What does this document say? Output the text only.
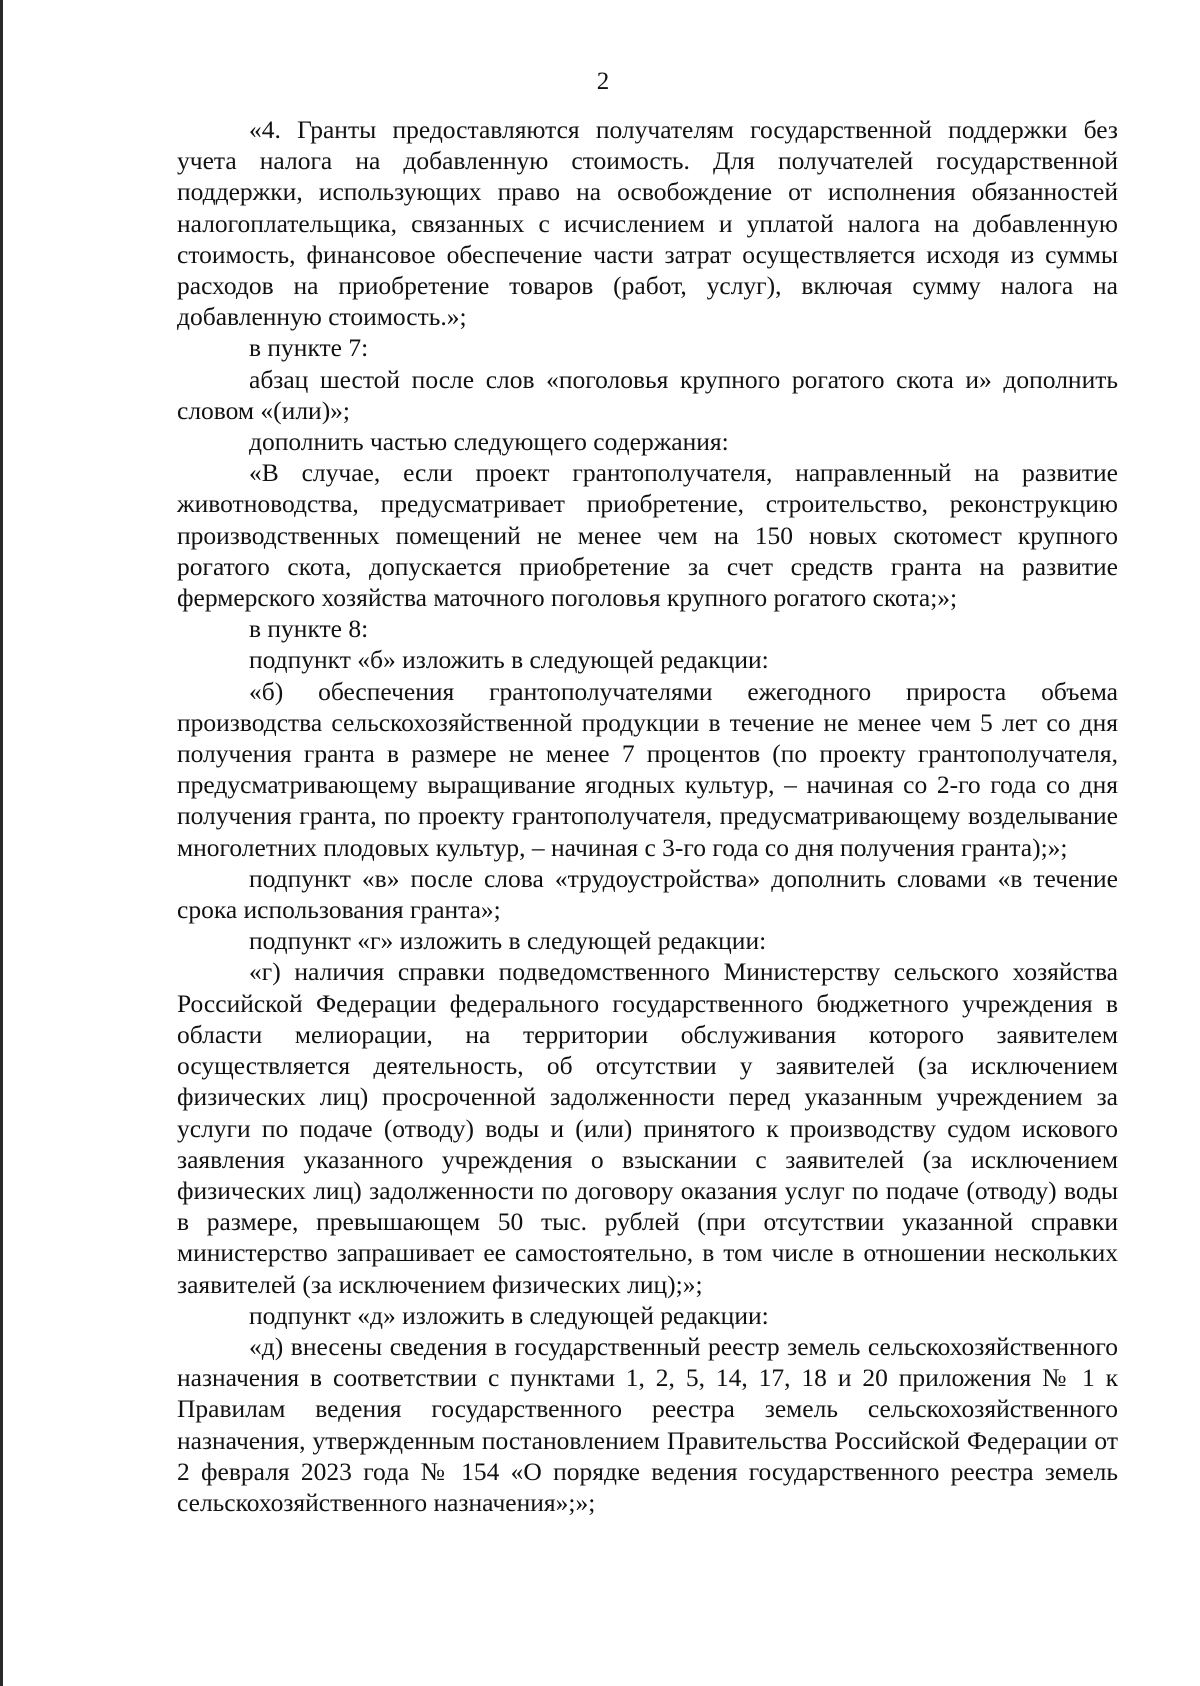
2

«4. Гранты предоставляются получателям государственной поддержки без учета налога на добавленную стоимость. Для получателей государственной поддержки, использующих право на освобождение от исполнения обязанностей налогоплательщика, связанных с исчислением и уплатой налога на добавленную стоимость, финансовое обеспечение части затрат осуществляется исходя из суммы расходов на приобретение товаров (работ, услуг), включая сумму налога на добавленную стоимость.»;

в пункте 7:

абзац шестой после слов «поголовья крупного рогатого скота и» дополнить словом «(или)»;

дополнить частью следующего содержания:

«В случае, если проект грантополучателя, направленный на развитие животноводства, предусматривает приобретение, строительство, реконструкцию производственных помещений не менее чем на 150 новых скотомест крупного рогатого скота, допускается приобретение за счет средств гранта на развитие фермерского хозяйства маточного поголовья крупного рогатого скота;»;

в пункте 8:

подпункт «б» изложить в следующей редакции:

«б) обеспечения грантополучателями ежегодного прироста объема производства сельскохозяйственной продукции в течение не менее чем 5 лет со дня получения гранта в размере не менее 7 процентов (по проекту грантополучателя, предусматривающему выращивание ягодных культур, – начиная со 2-го года со дня получения гранта, по проекту грантополучателя, предусматривающему возделывание многолетних плодовых культур, – начиная с 3-го года со дня получения гранта);»;

подпункт «в» после слова «трудоустройства» дополнить словами «в течение срока использования гранта»;

подпункт «г» изложить в следующей редакции:

«г) наличия справки подведомственного Министерству сельского хозяйства Российской Федерации федерального государственного бюджетного учреждения в области мелиорации, на территории обслуживания которого заявителем осуществляется деятельность, об отсутствии у заявителей (за исключением физических лиц) просроченной задолженности перед указанным учреждением за услуги по подаче (отводу) воды и (или) принятого к производству судом искового заявления указанного учреждения о взыскании с заявителей (за исключением физических лиц) задолженности по договору оказания услуг по подаче (отводу) воды в размере, превышающем 50 тыс. рублей (при отсутствии указанной справки министерство запрашивает ее самостоятельно, в том числе в отношении нескольких заявителей (за исключением физических лиц);»;

подпункт «д» изложить в следующей редакции:

«д) внесены сведения в государственный реестр земель сельскохозяйственного назначения в соответствии с пунктами 1, 2, 5, 14, 17, 18 и 20 приложения № 1 к Правилам ведения государственного реестра земель сельскохозяйственного назначения, утвержденным постановлением Правительства Российской Федерации от 2 февраля 2023 года № 154 «О порядке ведения государственного реестра земель сельскохозяйственного назначения»;»;
